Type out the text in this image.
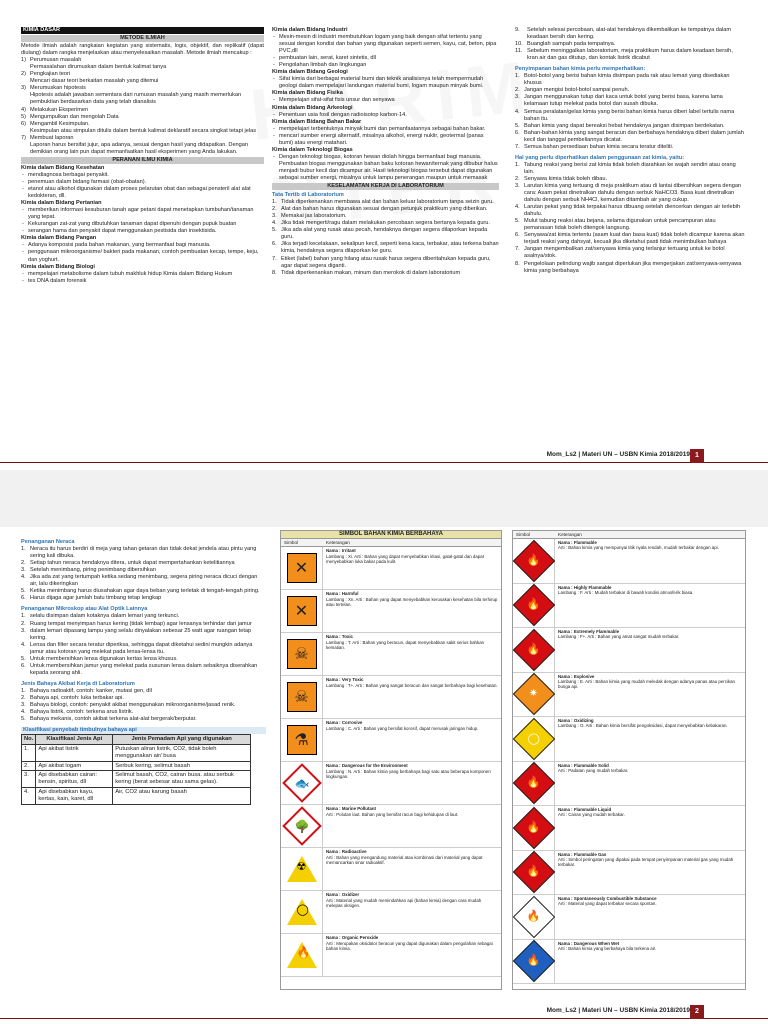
KIMIA DASAR
METODE ILMIAH

Metode ilmiah adalah rangkaian kegiatan yang sistematis, logis, objektif, dan replikatif (dapat diulang) dalam rangka menjelaskan atau menyelesaikan masalah. Metode ilmiah mencakup :

1) Perumusan masalah
Permasalahan dirumuskan dalam bentuk kalimat tanya
2) Pengkajian teori
Mencari dasar teori berkaitan masalah yang ditemui
3) Merumuskan hipotesis
Hipotesis adalah jawaban sementara dari rumusan masalah yang masih memerlukan pembuktian berdasarkan data yang telah dianalisis
4) Melakukan Eksperimen
5) Mengumpulkan dan mengolah Data
6) Mengambil Kesimpulan.
Kesimpulan atau simpulan ditulis dalam bentuk kalimat deklaratif secara singkat tetapi jelas
7) Membuat laporan
Laporan harus bersifat jujur, apa adanya, sesuai dengan hasil yang didapatkan. Dengan demikian orang lain pun dapat memanfaatkan hasil eksperimen yang Anda lakukan.
PERANAN ILMU KIMIA
Kimia dalam Bidang Kesehatan
- mendiagnosa berbagai penyakit.
- penemuan dalam bidang farmasi (obat-obatan).
- etanol atau alkohol digunakan dalam proses pelarutan obat dan sebagai pensteril alat alat kedokteran, dll.
Kimia dalam Bidang Pertanian
- memberikan informasi kesuburan tanah agar petani dapat menetapkan tumbuhan/tanaman yang tepat.
- Kekurangan zat-zat yang dibutuhkan tanaman dapat dipenuhi dengan pupuk buatan
- serangan hama dan penyakit dapat menggunakan pestisida dan insektisida.
Kimia dalam Bidang Pangan
- Adanya komposisi pada bahan makanan, yang bermanfaat bagi manusia.
- penggunaan mikroorganisme/ bakteri pada makanan, contoh pembuatan kecap, tempe, keju, dan yoghurt.
Kimia dalam Bidang Biologi
- mempelajari metabolisme dalam tubuh makhluk hidup Kimia dalam Bidang Hukum
- tes DNA dalam forensik
Kimia dalam Bidang Industri
- Mesin-mesin di industri membutuhkan logam yang baik dengan sifat tertentu yang sesuai dengan kondisi dan bahan yang digunakan seperti semen, kayu, cat, beton, pipa PVC,dll
- pembuatan lain, serat, karet sintetis, dll
- Pengolahan limbah dan lingkungan
Kimia dalam Bidang Geologi
- Sifat kimia dari berbagai material bumi dan teknik analisisnya telah mempermudah geologi dalam mempelajari landungan material bumi, logam maupun minyak bumi.
Kimia dalam Bidang Fisika
- Mempelajari sifat-sifat fisis unsur dan senyawa
Kimia dalam Bidang Arkeologi
- Penentuan usia fosil dengan radioisotop karbon-14.
Kimia dalam Bidang Bahan Bakar
- mempelajari terbentuknya minyak bumi dan pemanfaatannya sebagai bahan bakar.
- mencari sumber energi alternatif, misalnya alkohol, energi nuklir, geotermal (panas bumi) atau energi matahari.
Kimia dalam Teknologi Biogas
- Dengan teknologi biogas, kotoran hewan diolah hingga bermanfaat bagi manusia. Pembuatan biogas menggunakan bahan baku kotoran hewan/ternak yang dibubur halus menjadi bubur kecil dan dicampur air. Hasil teknologi biogas tersebut dapat digunakan sebagai sumber energi, misalnya untuk lampu penerangan maupun untuk memasak
KESELAMATAN KERJA DI LABORATORIUM
Tata Tertib di Laboratorium
1. Tidak diperkenankan membawa alat dan bahan keluar laboratorium tanpa seizin guru.
2. Alat dan bahan harus digunakan sesuai dengan petunjuk praktikum yang diberikan.
3. Memakai jas laboratorium.
4. Jika tidak mengerti/ragu dalam melakukan percobaan segera bertanya kepada guru.
5. Jika ada alat yang rusak atau pecah, hendaknya dengan segera dilaporkan kepada guru.
6. Jika terjadi kecelakaan, sekalipun kecil, seperti kena kaca, terbakar, atau terkena bahan kimia, hendaknya segera dilaporkan ke guru.
7. Etiket (label) bahan yang hilang atau rusak harus segera diberitahukan kepada guru, agar dapat segera diganti.
8. Tidak diperkenankan makan, minum dan merokok di dalam laboratorium
9. Setelah selesai percobaan, alat-alat hendaknya dikembalikan ke tempatnya dalam keadaan bersih dan kering.
10. Buanglah sampah pada tempatnya.
11. Sebelum meninggalkan laboratorium, meja praktikum harus dalam keadaan bersih, kran air dan gas ditutup, dan kontak listrik dicabut
Penyimpanan bahan kimia perlu memperhatikan:
1. Botol-botol yang berisi bahan kimia disimpan pada rak atau lemari yang disediakan khusus
2. Jangan mengisi botol-botol sampai penuh.
3. Jangan menggunakan tutup dari kaca untuk botol yang berisi basa, karena lama kelamaan tutup melekat pada botol dan susah dibuka.
4. Semua peralatan/gelas kimia yang berisi bahan kimia harus diberi label tertulis nama bahan itu.
5. Bahan kimia yang dapat bereaksi hebat hendaknya jangan disimpan berdekatan.
6. Bahan-bahan kimia yang sangat beracun dan berbahaya hendaknya diberi dalam jumlah kecil dan tanggal pembeliannya dicatat.
7. Semua bahan persediaan bahan kimia secara teratur diteliti.
Hal yang perlu diperhatikan dalam penggunaan zat kimia, yaitu:
1. Tabung reaksi yang berisi zat kimia tidak boleh diarahkan ke wajah sendiri atau orang lain.
2. Senyawa kimia tidak boleh dibau.
3. Larutan kimia yang tertuang di meja praktikum atau di lantai dibersihkan segera dengan cara: Asam pekat dinetralkan dahulu dengan serbuk NaHCO3. Basa kuat dinetralkan dahulu dengan serbuk NH4Cl, kemudian ditambah air yang cukup.
4. Larutan pekat yang tidak terpakai harus dibuang setelah diencerkan dengan air terlebih dahulu.
5. Mulut tabung reaksi atau bejana, selama digunakan untuk pencampuran atau pemanasan tidak boleh ditengok langsung.
6. Senyawa/zat kimia tertentu (asam kuat dan basa kuat) tidak boleh dicampur karena akan terjadi reaksi yang dahsyat, kecuali jika diketahui pasti tidak menimbulkan bahaya
7. Jangan mengembalikan zat/senyawa kimia yang terlanjur tertuang untuk ke botol asalnya/stok.
8. Pengelolaan pelindung wajib sangat diperlukan jika mengerjakan zat/senyawa-senyawa kimia yang berbahaya
Mom_Ls2 | Materi UN – USBN Kimia 2018/2019 1
Penanganan Neraca
1. Neraca itu harus berdiri di meja yang tahan getaran dan tidak dekat jendela atau pintu yang sering kali dibuka.
2. Setiap tahun neraca hendaknya ditera, untuk dapat mempertahankan ketelitiannya
3. Setelah menimbang, piring penimbang dibersihkan
4. Jika ada zat yang tertumpah ketika sedang menimbang, segera piring neraca dicuci dengan air, lalu dikeringkan
5. Ketika menimbang harus diusahakan agar daya beban yang terletak di tengah-tengah piring.
6. Harus dijaga agar jumlah batu timbang tetap lengkap
Penanganan Mikroskop atau Alat Optik Lainnya
1. selalu disimpan dalam kotaknya dalam lemari yang terkunci.
2. Ruang tempat menyimpan harus kering (tidak lembap) agar lensanya terhindar dari jamur
3. dalam lemari dipasang lampu yang selalu dinyalakan sebesar 25 watt agar ruangan tetap kering.
4. Lensa dan filter secara teratur diperiksa, sehingga dapat diketahui sedini mungkin adanya jamur atau kotoran yang melekat pada lensa-lensa itu.
5. Untuk membersihkan lensa digunakan kertas lensa khusus.
6. Untuk membersihkan jamur yang melekat pada susunan lensa dalam sebaiknya diserahkan kepada seorang ahli.
Jenis Bahaya Akibat Kerja di Laboratorium
1. Bahaya radioaktif, contoh: kanker, mutasi gen, dll
2. Bahaya api, contoh: luka terbakar api.
3. Bahaya biologi, contoh: penyakit akibat menggunakan mikroorganisme/jasad renik.
4. Bahaya listrik, contoh: terkena arus listrik.
5. Bahaya mekanis, contoh akibat terkena alat-alat bergerak/berputar.
Klasifikasi penyebab timbulnya bahaya api
No.	Klasifikasi Jenis Api	Jenis Pemadam Api yang digunakan
1.	Api akibat listrik	Putuskan aliran listrik, CO2, tidak boleh menggunakan air/ busa
2.	Api akibat logam	Serbuk kering, selimut basah
3.	Api disebabkan cairan: bensin, spiritus, dll	Selimut basah, CO2, cairan busa. atau serbuk kering (berat sebesar atau sama gelas).
4.	Api disebabkan kayu, kertas, kain, karet, dll	Air, CO2 atau karung basah
SIMBOL BAHAN KIMIA BERBAHAYA
Simbol	Keterangan
✕
Nama : Irritant
Lambang : Xi. Arti : Bahan yang dapat menyebabkan iritasi, gatal-gatal dan dapat menyebabkan luka bakar pada kulit.
✕
Nama : Harmful
Lambang : Xn. Arti : Bahan yang dapat menyebabkan kerusakan kesehatan bila terhirup atau tertelan.
☠
Nama : Toxic
Lambang : T. Arti : Bahan yang beracun, dapat menyebabkan sakit serius bahkan kematian.
☠
Nama : Very Toxic
Lambang : T+. Arti : Bahan yang sangat beracun dan sangat berbahaya bagi kesehatan.
⚗
Nama : Corrosive
Lambang : C. Arti : Bahan yang bersifat korosif, dapat merusak jaringan hidup.
🐟
Nama : Dangerous for the Environment
Lambang : N. Arti : Bahan kimia yang berbahaya bagi satu atau beberapa komponen lingkungan.
🌳
Nama : Marine Pollutant
Arti : Polutan laut. Bahan yang bersifat racun bagi kehidupan di laut.
☢
Nama : Radioactive
Arti : Bahan yang mengandung material atau kombinasi dari material yang dapat memancarkan sinar radioaktif.
◯
Nama : Oxidizer
Arti : Material yang mudah memindahkan api (bahan kimia) dengan cara mudah melepas oksigen.
🔥
Nama : Organic Peroxide
Arti : Merupakan oksidator beracun yang dapat digunakan dalam pengolahan sebagai bahan kimia.
Simbol	Keterangan
🔥
Nama : Flammable
Arti : Bahan kimia yang mempunyai titik nyala rendah, mudah terbakar dengan api.
🔥
Nama : Highly Flammable
Lambang : F. Arti : Mudah terbakar di bawah kondisi atmosferik biasa.
🔥
Nama : Extremely Flammable
Lambang : F+. Arti : Bahan yang amat sangat mudah terbakar.
✷
Nama : Explosive
Lambang : E. Arti : Bahan kimia yang mudah meledak dengan adanya panas atau percikan bunga api.
◯
Nama : Oxidizing
Lambang : O. Arti : Bahan kimia bersifat pengoksidasi, dapat menyebabkan kebakaran.
🔥
Nama : Flammable Solid
Arti : Padatan yang mudah terbakar.
🔥
Nama : Flammable Liquid
Arti : Cairan yang mudah terbakar.
🔥
Nama : Flammable Gas
Arti : Simbol peringatan yang dipakai pada tempat penyimpanan material gas yang mudah terbakar.
🔥
Nama : Spontaneously Combustible Substance
Arti : Material yang dapat terbakar secara spontan.
🔥
Nama : Dangerous When Wet
Arti : Bahan kimia yang berbahaya bila terkena air.
Mom_Ls2 | Materi UN – USBN Kimia 2018/2019 2
